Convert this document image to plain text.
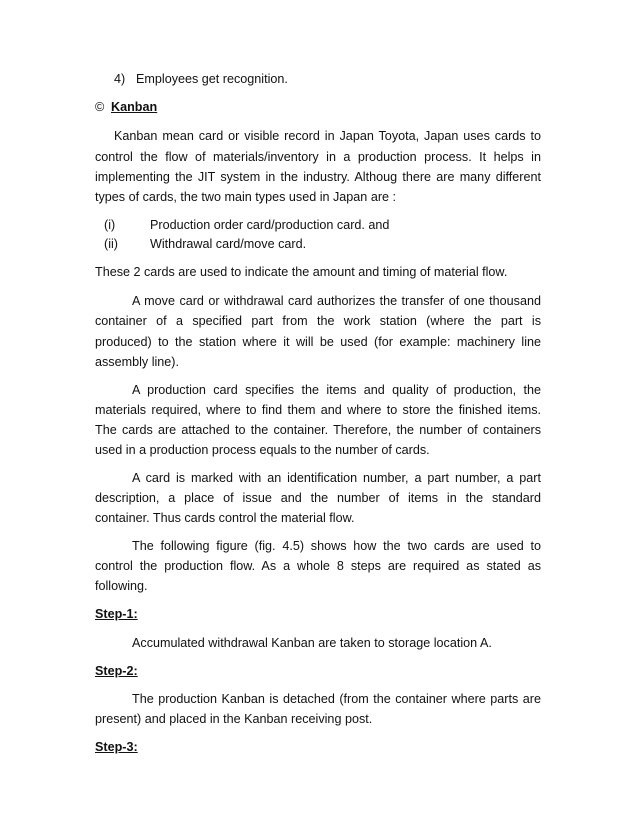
4) Employees get recognition.
© Kanban
Kanban mean card or visible record in Japan Toyota, Japan uses cards to
control the flow of materials/inventory in a production process. It helps in
implementing the JIT system in the industry. Althoug there are many different
types of cards, the two main types used in Japan are :
(i)	Production order card/production card. and
(ii)	Withdrawal card/move card.
These 2 cards are used to indicate the amount and timing of material flow.
A move card or withdrawal card authorizes the transfer of one thousand
container of a specified part from the work station (where the part is
produced) to the station where it will be used (for example: machinery line
assembly line).
A production card specifies the items and quality of production, the
materials required, where to find them and where to store the finished items.
The cards are attached to the container. Therefore, the number of containers
used in a production process equals to the number of cards.
A card is marked with an identification number, a part number, a part
description, a place of issue and the number of items in the standard
container. Thus cards control the material flow.
The following figure (fig. 4.5) shows how the two cards are used to
control the production flow. As a whole 8 steps are required as stated as
following.
Step-1:
Accumulated withdrawal Kanban are taken to storage location A.
Step-2:
The production Kanban is detached (from the container where parts are
present) and placed in the Kanban receiving post.
Step-3:
